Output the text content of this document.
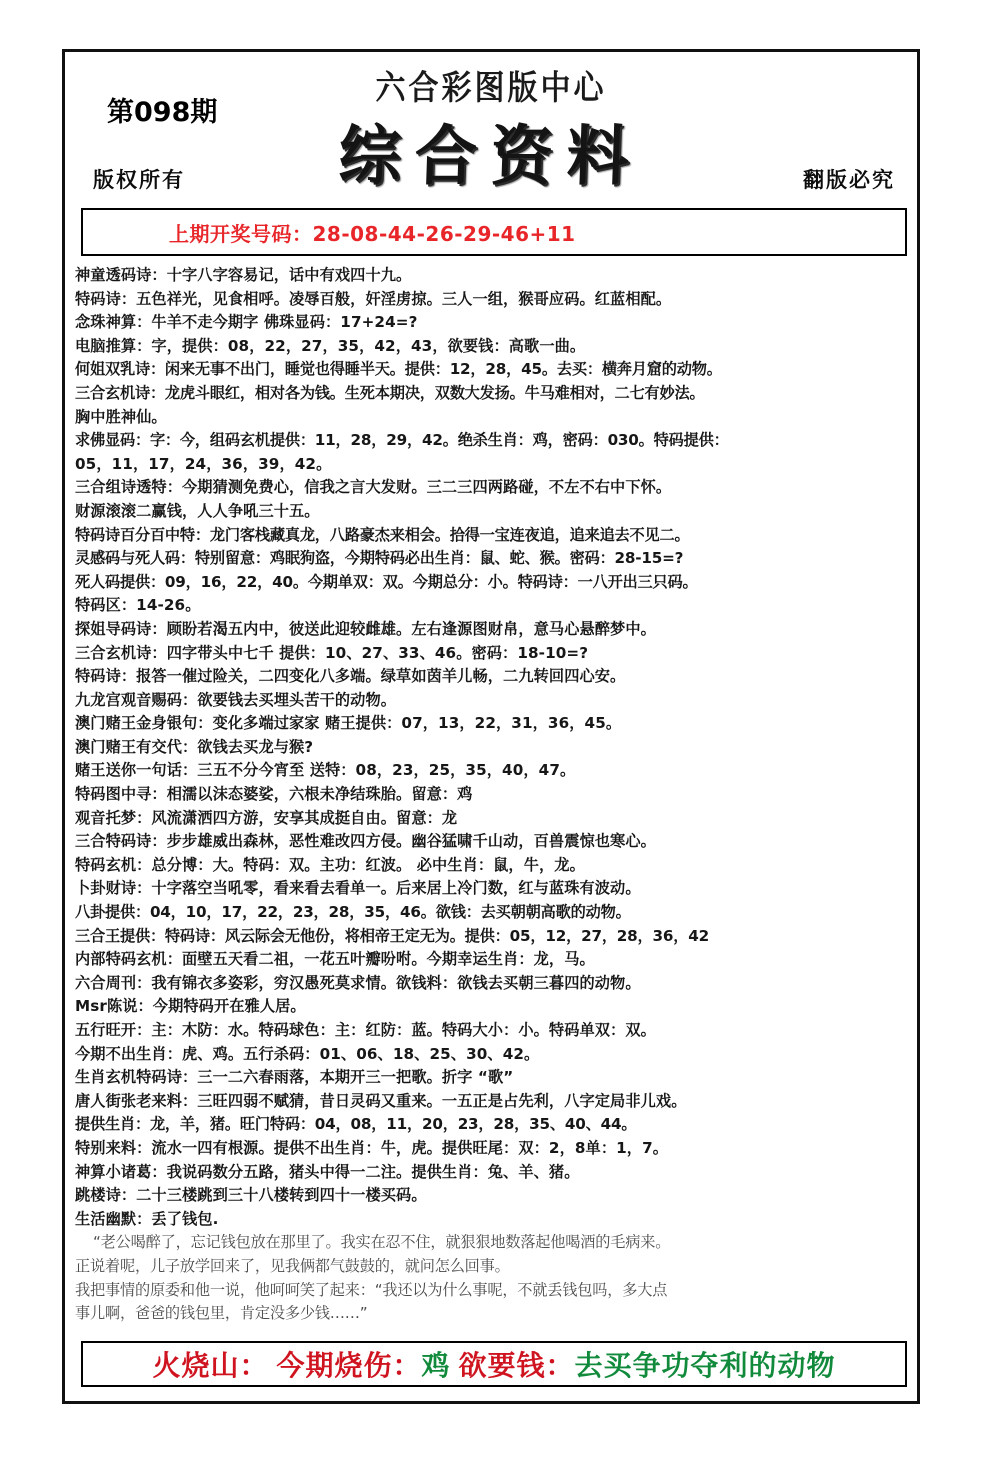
第098期
六合彩图版中心
综合资料
版权所有	翻版必究
上期开奖号码：28-08-44-26-29-46+11
神童透码诗：十字八字容易记，话中有戏四十九。
特码诗：五色祥光，见食相呼。凌辱百般，奸淫虏掠。三人一组，猴哥应码。红蓝相配。
念珠神算：牛羊不走今期字 佛珠显码：17+24=?
电脑推算：字，提供：08，22，27，35，42，43，欲要钱：高歌一曲。
何姐双乳诗：闲来无事不出门，睡觉也得睡半天。提供：12，28，45。去买：横奔月窟的动物。
三合玄机诗：龙虎斗眼红，相对各为钱。生死本期决，双数大发扬。牛马难相对，二七有妙法。
胸中胜神仙。
求佛显码：字：今，组码玄机提供：11，28，29，42。绝杀生肖：鸡，密码：030。特码提供：
05，11，17，24，36，39，42。
三合组诗透特：今期猜测免费心，信我之言大发财。三二三四两路碰，不左不右中下怀。
财源滚滚二赢钱，人人争吼三十五。
特码诗百分百中特：龙门客栈藏真龙，八路豪杰来相会。拾得一宝连夜追，追来追去不见二。
灵感码与死人码：特别留意：鸡眠狗盗，今期特码必出生肖：鼠、蛇、猴。密码：28-15=?
死人码提供：09，16，22，40。今期单双：双。今期总分：小。特码诗：一八开出三只码。
特码区：14-26。
探姐导码诗：顾盼若渴五内中，彼送此迎较雌雄。左右逢源图财帛，意马心悬醉梦中。
三合玄机诗：四字带头中七千 提供：10、27、33、46。密码：18-10=?
特码诗：报答一催过险关，二四变化八多端。绿草如茵羊儿畅，二九转回四心安。
九龙宫观音赐码：欲要钱去买埋头苦干的动物。
澳门赌王金身银句：变化多端过家家 赌王提供：07，13，22，31，36，45。
澳门赌王有交代：欲钱去买龙与猴?
赌王送你一句话：三五不分今宵至 送特：08，23，25，35，40，47。
特码图中寻：相濡以沫态婆娑，六根未净结珠胎。留意：鸡
观音托梦：风流潇洒四方游，安享其成挺自由。留意：龙
三合特码诗：步步雄威出森林，恶性难改四方侵。幽谷猛啸千山动，百兽震惊也寒心。
特码玄机：总分博：大。特码：双。主功：红波。 必中生肖：鼠，牛，龙。
卜卦财诗：十字落空当吼零，看来看去看单一。后来居上冷门数，红与蓝珠有波动。
八卦提供：04，10，17，22，23，28，35，46。欲钱：去买朝朝高歌的动物。
三合王提供：特码诗：风云际会无他份，将相帝王定无为。提供：05，12，27，28，36，42
内部特码玄机：面壁五天看二祖，一花五叶瓣吩咐。今期幸运生肖：龙，马。
六合周刊：我有锦衣多姿彩，穷汉愚死莫求情。欲钱料：欲钱去买朝三暮四的动物。
Msr陈说：今期特码开在雅人居。
五行旺开：主：木防：水。特码球色：主：红防：蓝。特码大小：小。特码单双：双。
今期不出生肖：虎、鸡。五行杀码：01、06、18、25、30、42。
生肖玄机特码诗：三一二六春雨落，本期开三一把歌。折字 “歌”
唐人街张老来料：三旺四弱不赋猜，昔日灵码又重来。一五正是占先利，八字定局非儿戏。
提供生肖：龙，羊，猪。旺门特码：04，08，11，20，23，28，35、40、44。
特别来料：流水一四有根源。提供不出生肖：牛，虎。提供旺尾：双：2，8单：1，7。
神算小诸葛：我说码数分五路，猪头中得一二注。提供生肖：兔、羊、猪。
跳楼诗：二十三楼跳到三十八楼转到四十一楼买码。
生活幽默：丢了钱包.
“老公喝醉了，忘记钱包放在那里了。我实在忍不住，就狠狠地数落起他喝酒的毛病来。
正说着呢，儿子放学回来了，见我俩都气鼓鼓的，就问怎么回事。
我把事情的原委和他一说，他呵呵笑了起来：“我还以为什么事呢，不就丢钱包吗，多大点
事儿啊，爸爸的钱包里，肯定没多少钱……”
火烧山： 今期烧伤：鸡 欲要钱：去买争功夺利的动物
